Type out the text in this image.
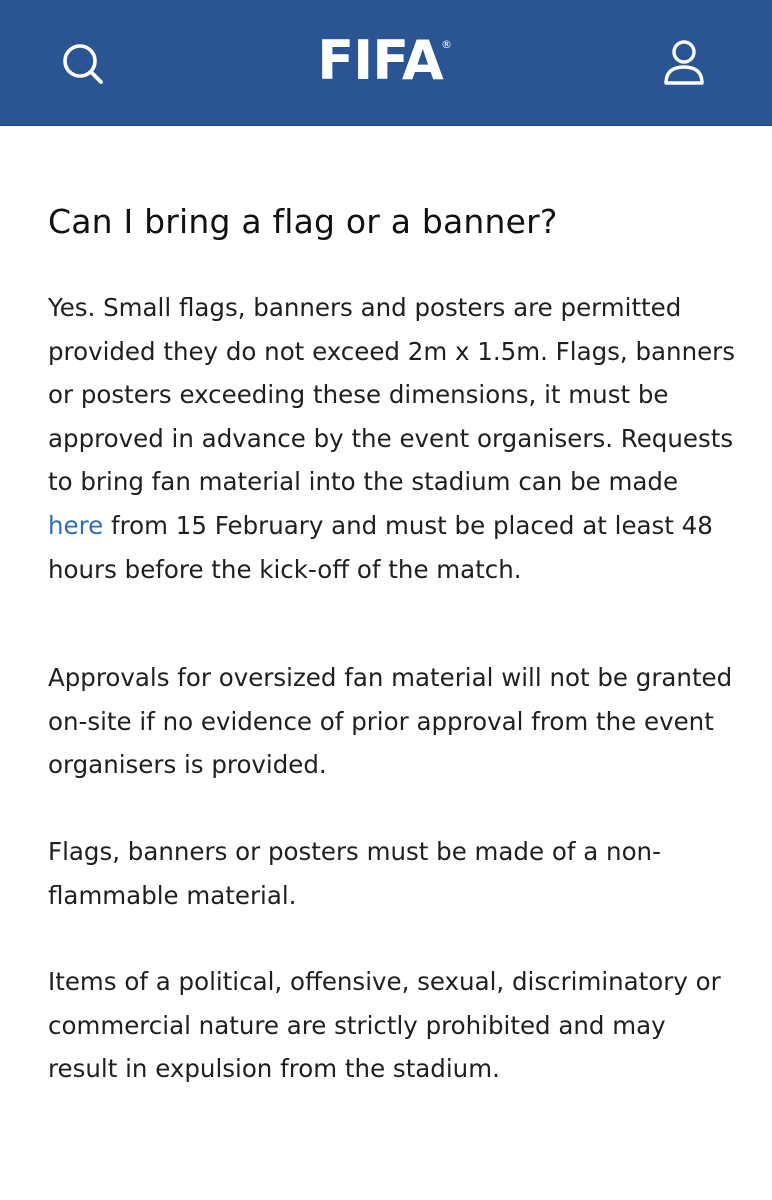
FIFA
®
Can I bring a flag or a banner?

Yes. Small flags, banners and posters are permitted provided they do not exceed 2m x 1.5m. Flags, banners or posters exceeding these dimensions, it must be approved in advance by the event organisers. Requests to bring fan material into the stadium can be made here from 15 February and must be placed at least 48 hours before the kick-off of the match.

Approvals for oversized fan material will not be granted on-site if no evidence of prior approval from the event organisers is provided.

Flags, banners or posters must be made of a non-flammable material.

Items of a political, offensive, sexual, discriminatory or commercial nature are strictly prohibited and may result in expulsion from the stadium.
